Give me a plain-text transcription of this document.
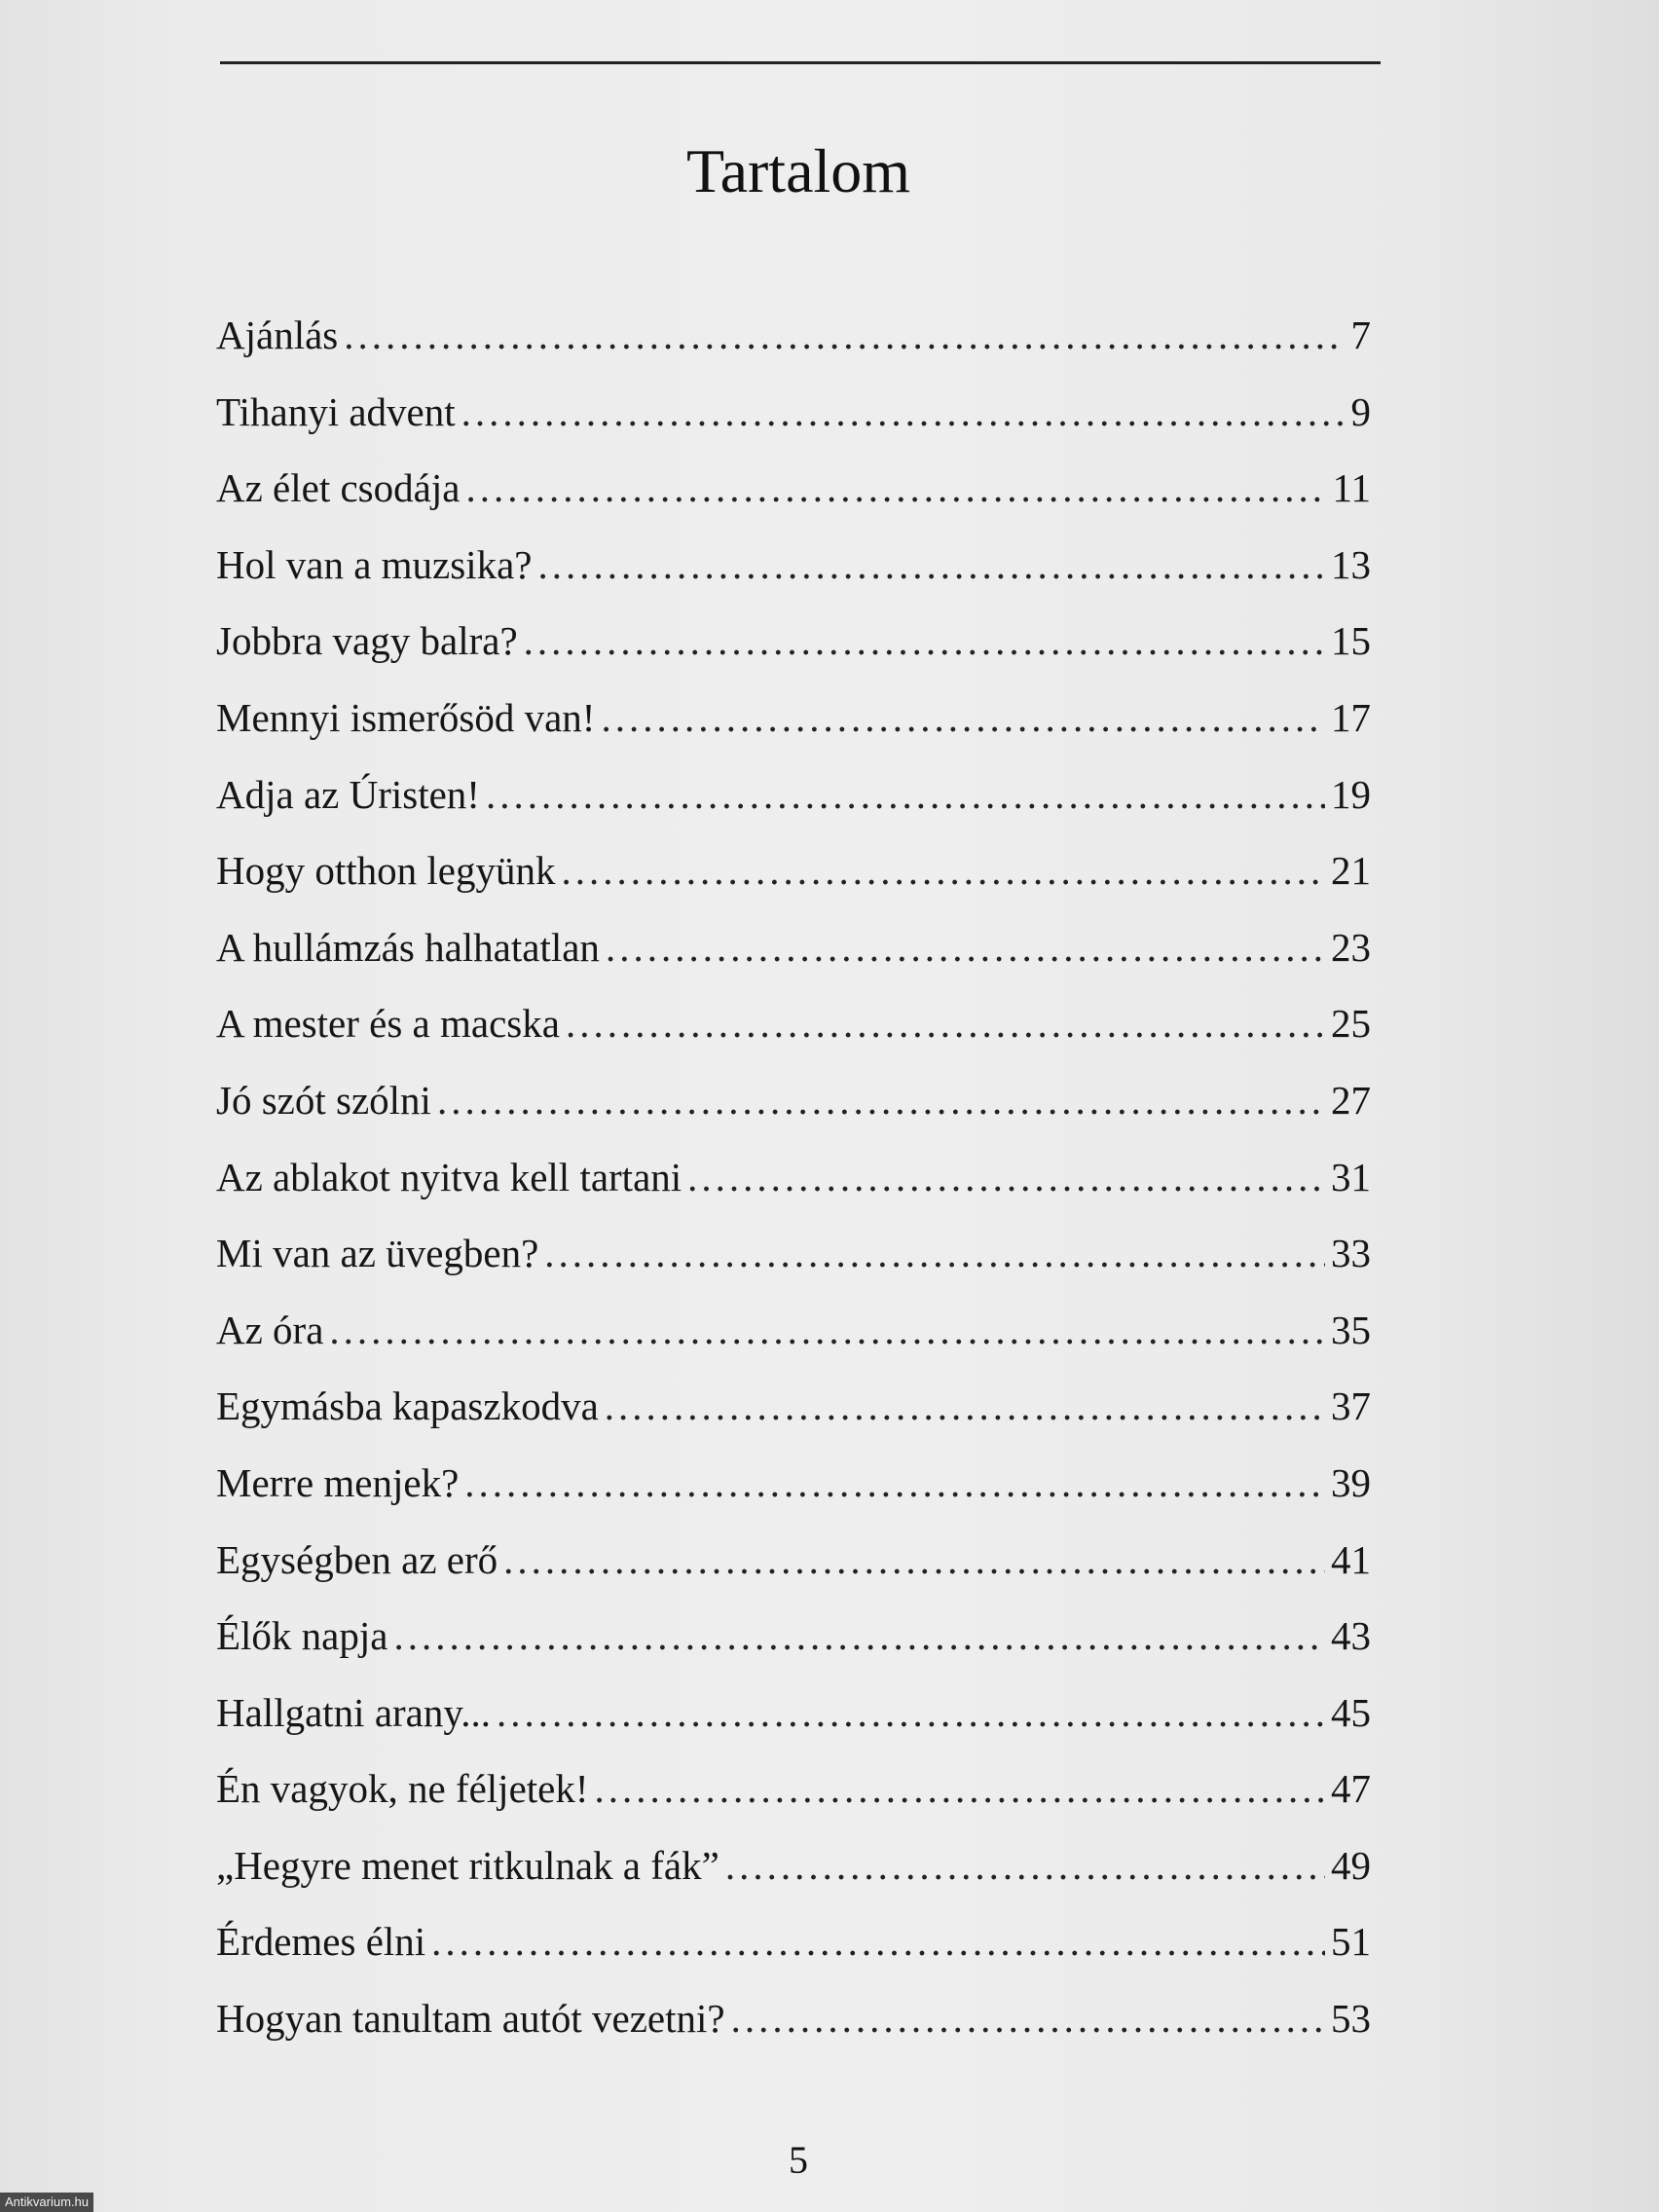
Tartalom
Ajánlás .....	7
Tihanyi advent .....	9
Az élet csodája .....	11
Hol van a muzsika? .....	13
Jobbra vagy balra? .....	15
Mennyi ismerősöd van! .....	17
Adja az Úristen! .....	19
Hogy otthon legyünk .....	21
A hullámzás halhatatlan .....	23
A mester és a macska .....	25
Jó szót szólni .....	27
Az ablakot nyitva kell tartani .....	31
Mi van az üvegben? .....	33
Az óra .....	35
Egymásba kapaszkodva .....	37
Merre menjek? .....	39
Egységben az erő .....	41
Élők napja .....	43
Hallgatni arany... .....	45
Én vagyok, ne féljetek! .....	47
„Hegyre menet ritkulnak a fák” .....	49
Érdemes élni .....	51
Hogyan tanultam autót vezetni? .....	53
5
Antikvarium.hu
